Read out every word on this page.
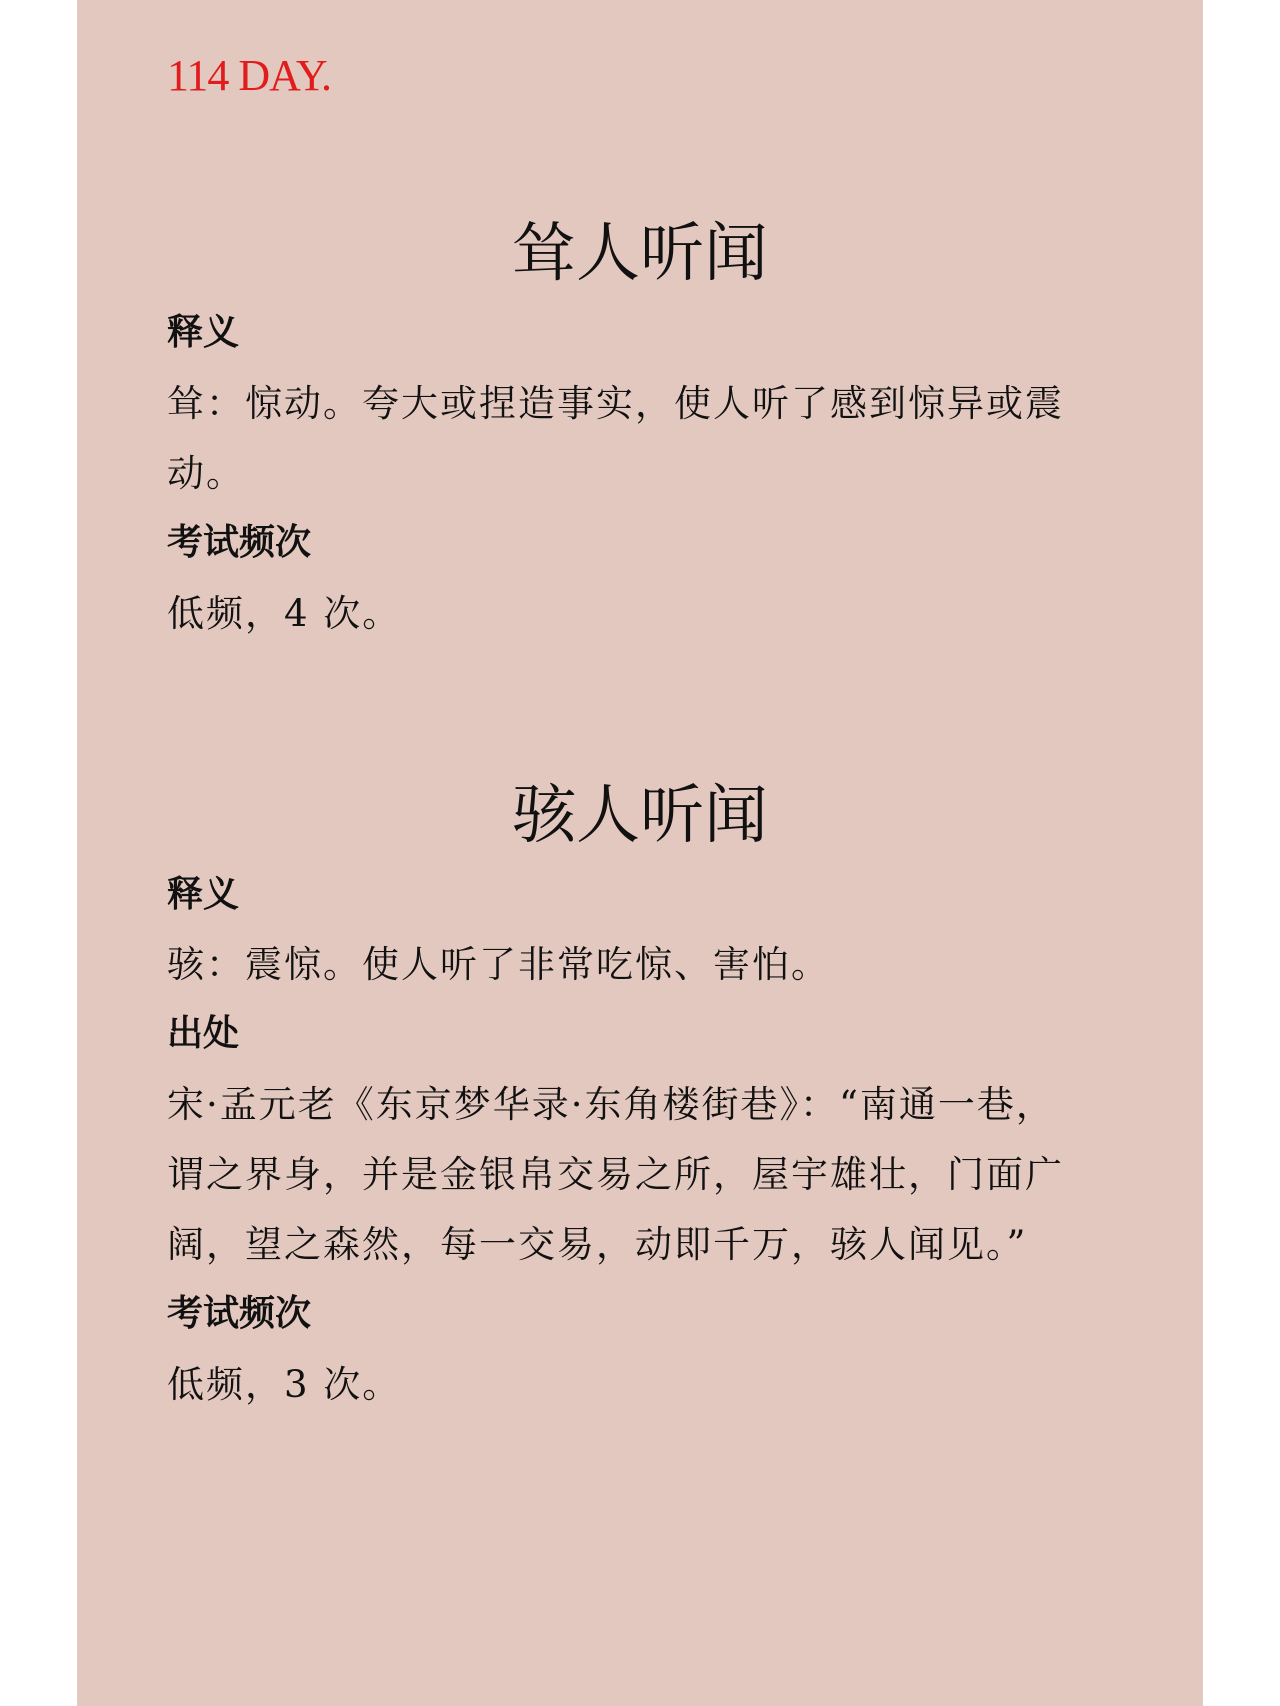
114 DAY.
耸人听闻
释义
耸：惊动。夸大或捏造事实，使人听了感到惊异或震
动。
考试频次
低频，4 次。
骇人听闻
释义
骇：震惊。使人听了非常吃惊、害怕。
出处
宋·孟元老《东京梦华录·东角楼街巷》：“南通一巷，
谓之界身，并是金银帛交易之所，屋宇雄壮，门面广
阔，望之森然，每一交易，动即千万，骇人闻见。”
考试频次
低频，3 次。
